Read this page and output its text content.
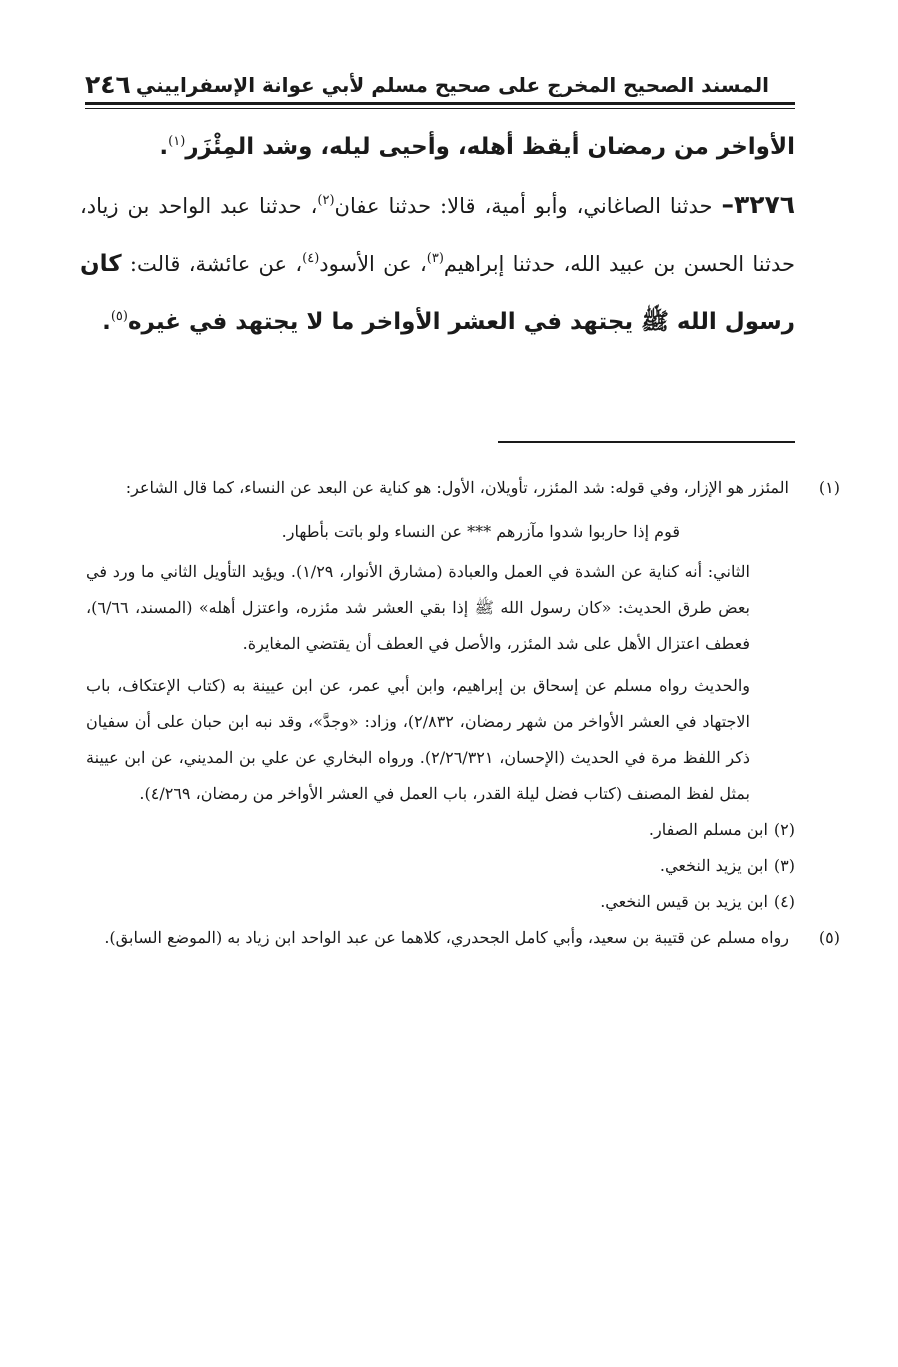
٢٤٦ المسند الصحيح المخرج على صحيح مسلم لأبي عوانة الإسفراييني

الأواخر من رمضان أيقظ أهله، وأحيى ليله، وشد المِئْزَر$^{(١)}$.

٣٢٧٦– حدثنا الصاغاني، وأبو أمية، قالا: حدثنا عفان$^{(٢)}$، حدثنا عبد الواحد بن زياد، حدثنا الحسن بن عبيد الله، حدثنا إبراهيم$^{(٣)}$، عن الأسود$^{(٤)}$، عن عائشة، قالت: كان رسول الله ﷺ يجتهد في العشر الأواخر ما لا يجتهد في غيره$^{(٥)}$.

(١)المئزر هو الإزار، وفي قوله: شد المئزر، تأويلان، الأول: هو كناية عن البعد عن النساء، كما قال الشاعر:

قوم إذا حاربوا شدوا مآزرهم *** عن النساء ولو باتت بأطهار.

الثاني: أنه كناية عن الشدة في العمل والعبادة (مشارق الأنوار، ١/٢٩). ويؤيد التأويل الثاني ما ورد في بعض طرق الحديث: «كان رسول الله ﷺ إذا بقي العشر شد مئزره، واعتزل أهله» (المسند، ٦/٦٦)، فعطف اعتزال الأهل على شد المئزر، والأصل في العطف أن يقتضي المغايرة.

والحديث رواه مسلم عن إسحاق بن إبراهيم، وابن أبي عمر، عن ابن عيينة به (كتاب الإعتكاف، باب الاجتهاد في العشر الأواخر من شهر رمضان، ٢/٨٣٢)، وزاد: «وجدَّ»، وقد نبه ابن حبان على أن سفيان ذكر اللفظ مرة في الحديث (الإحسان، ٢/٢٦/٣٢١). ورواه البخاري عن علي بن المديني، عن ابن عيينة بمثل لفظ المصنف (كتاب فضل ليلة القدر، باب العمل في العشر الأواخر من رمضان، ٤/٢٦٩).

(٢)ابن مسلم الصفار.

(٣)ابن يزيد النخعي.

(٤)ابن يزيد بن قيس النخعي.

(٥)رواه مسلم عن قتيبة بن سعيد، وأبي كامل الجحدري، كلاهما عن عبد الواحد ابن زياد به (الموضع السابق).
